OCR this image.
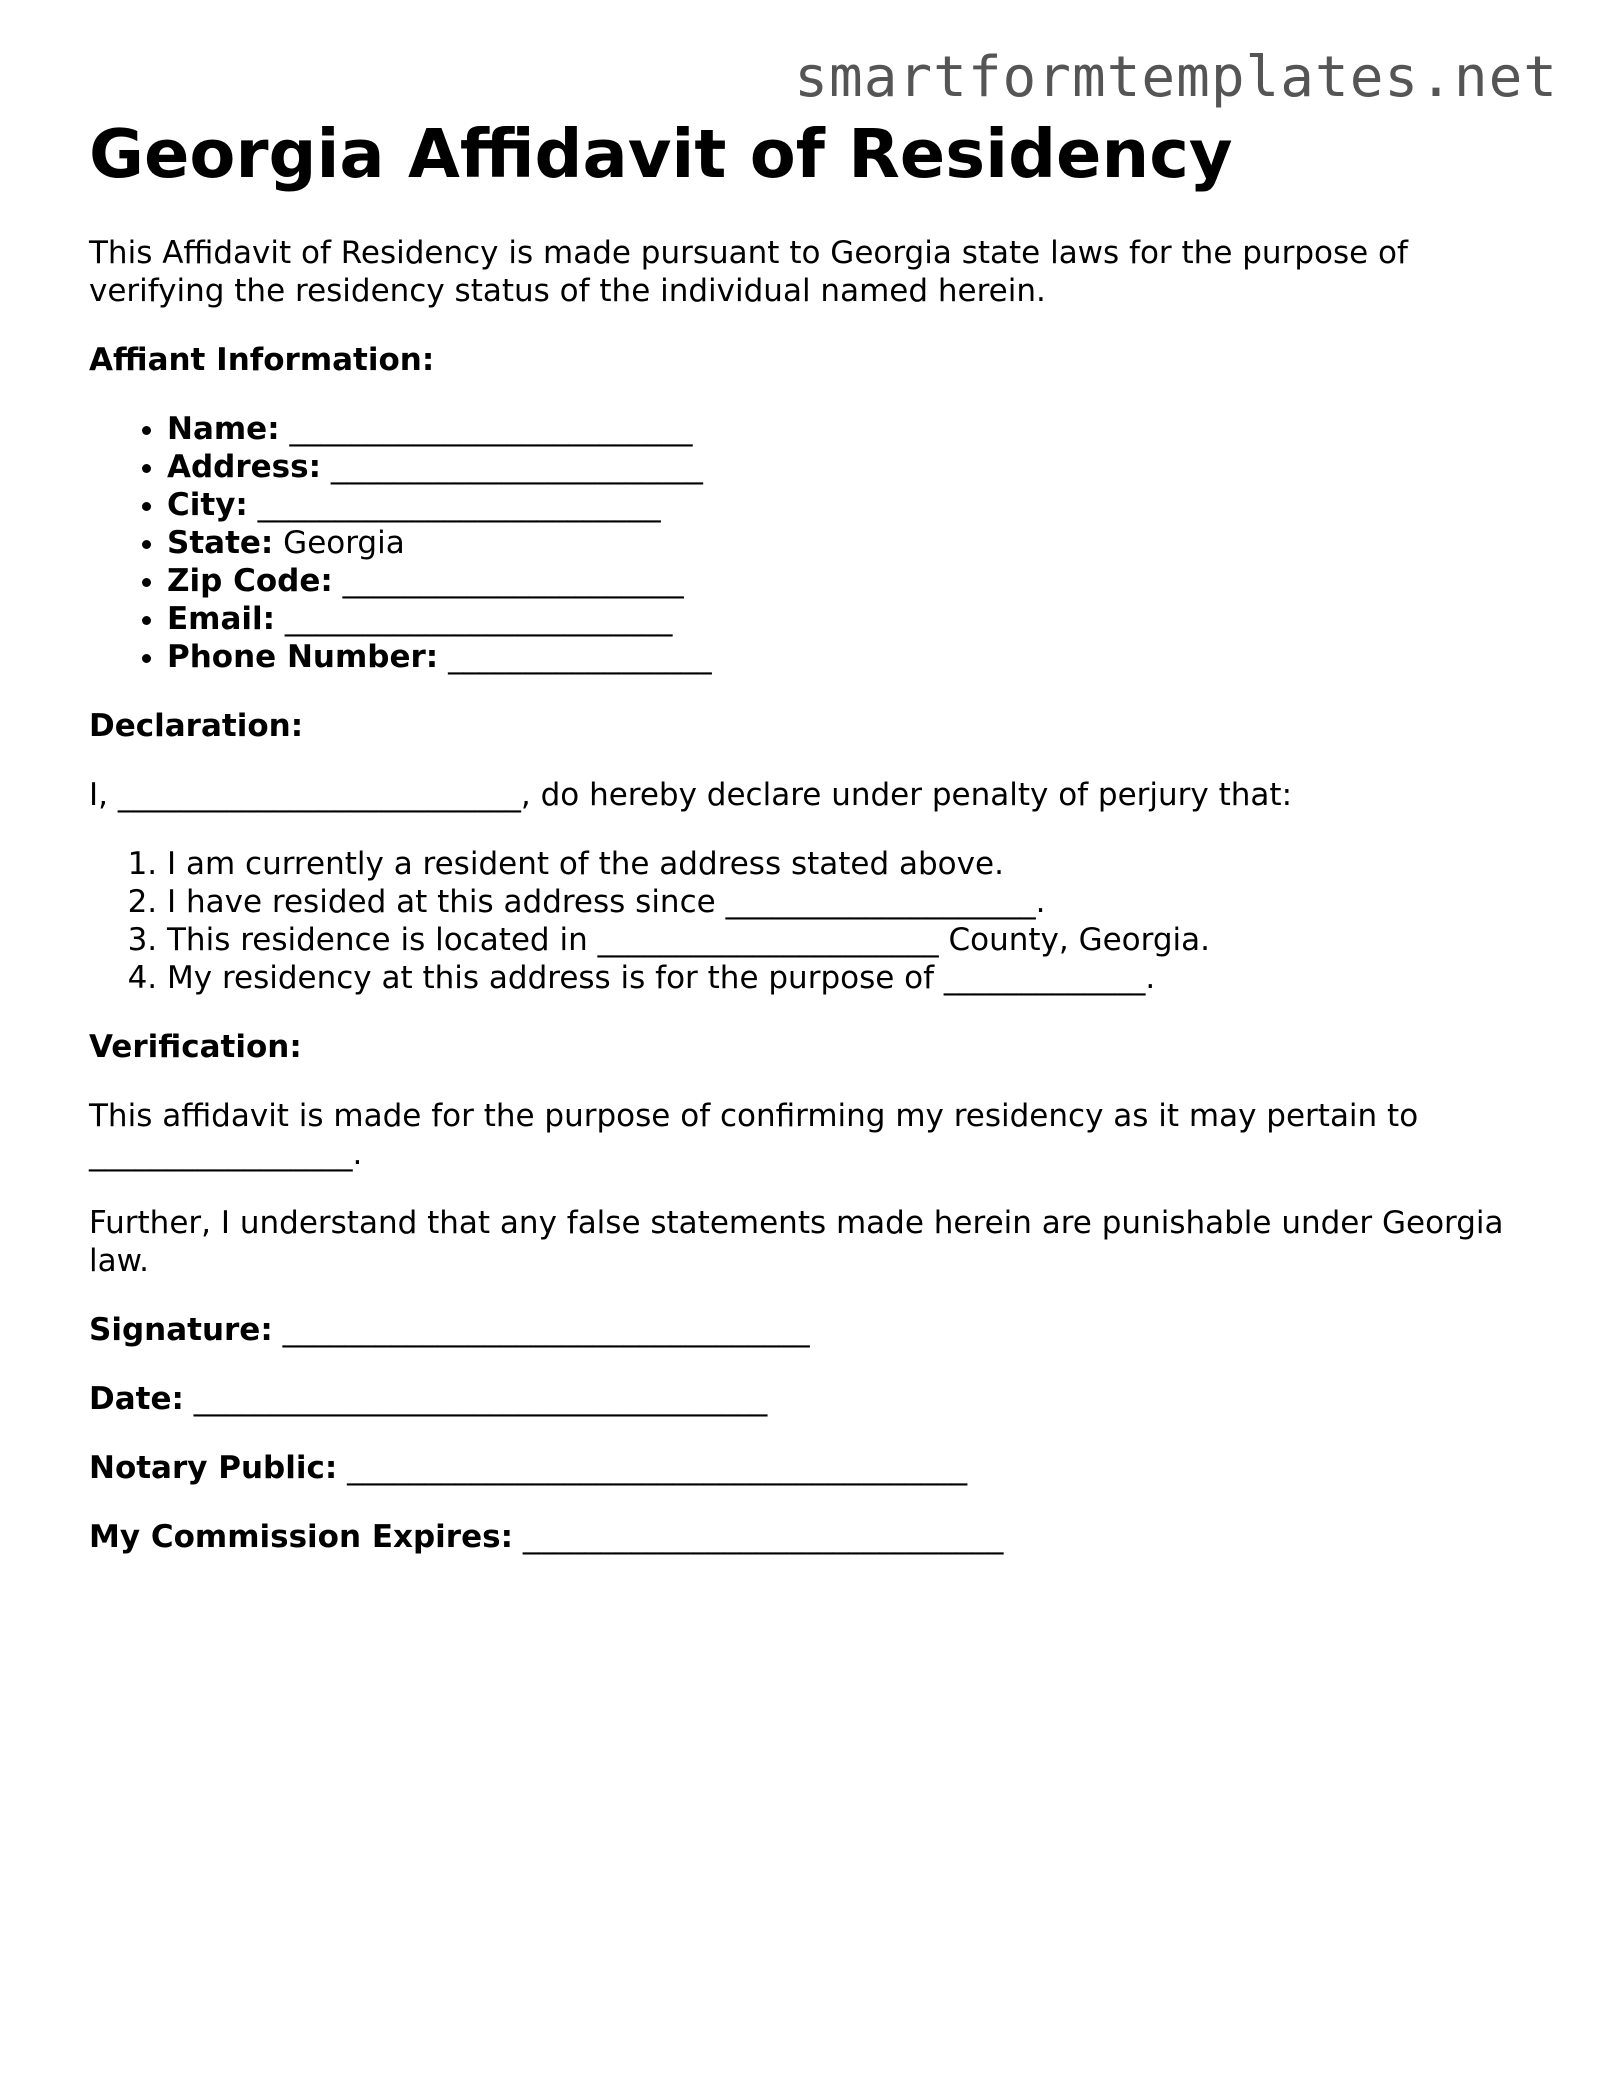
smartformtemplates.net
Georgia Affidavit of Residency

This Affidavit of Residency is made pursuant to Georgia state laws for the purpose of verifying the residency status of the individual named herein.

Affiant Information:

• Name: __________________________
• Address: ________________________
• City: __________________________
• State: Georgia
• Zip Code: ______________________
• Email: _________________________
• Phone Number: _________________

Declaration:

I, __________________________, do hereby declare under penalty of perjury that:

1. I am currently a resident of the address stated above.
2. I have resided at this address since ____________________.
3. This residence is located in ______________________ County, Georgia.
4. My residency at this address is for the purpose of _____________.

Verification:

This affidavit is made for the purpose of confirming my residency as it may pertain to _________________.

Further, I understand that any false statements made herein are punishable under Georgia law.

Signature: __________________________________

Date: _____________________________________

Notary Public: ________________________________________

My Commission Expires: _______________________________
